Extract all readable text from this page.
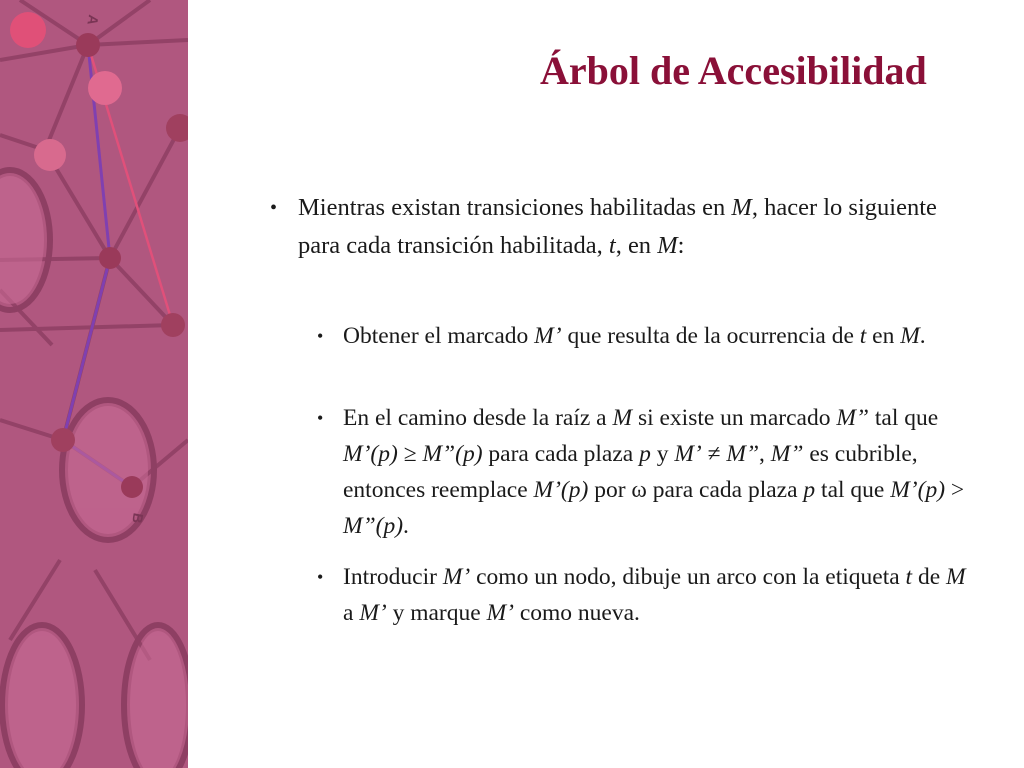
A
B
Árbol de Accesibilidad
• Mientras existan transiciones habilitadas en M, hacer lo siguiente para cada transición habilitada, t, en M:
• Obtener el marcado M’ que resulta de la ocurrencia de t en M.
• En el camino desde la raíz a M si existe un marcado M” tal que M’(p) ≥ M”(p) para cada plaza p y M’ ≠ M”, M” es cubrible, entonces reemplace M’(p) por ω para cada plaza p tal que M’(p) > M”(p).
• Introducir M’ como un nodo, dibuje un arco con la etiqueta t de M a M’ y marque M’ como nueva.
